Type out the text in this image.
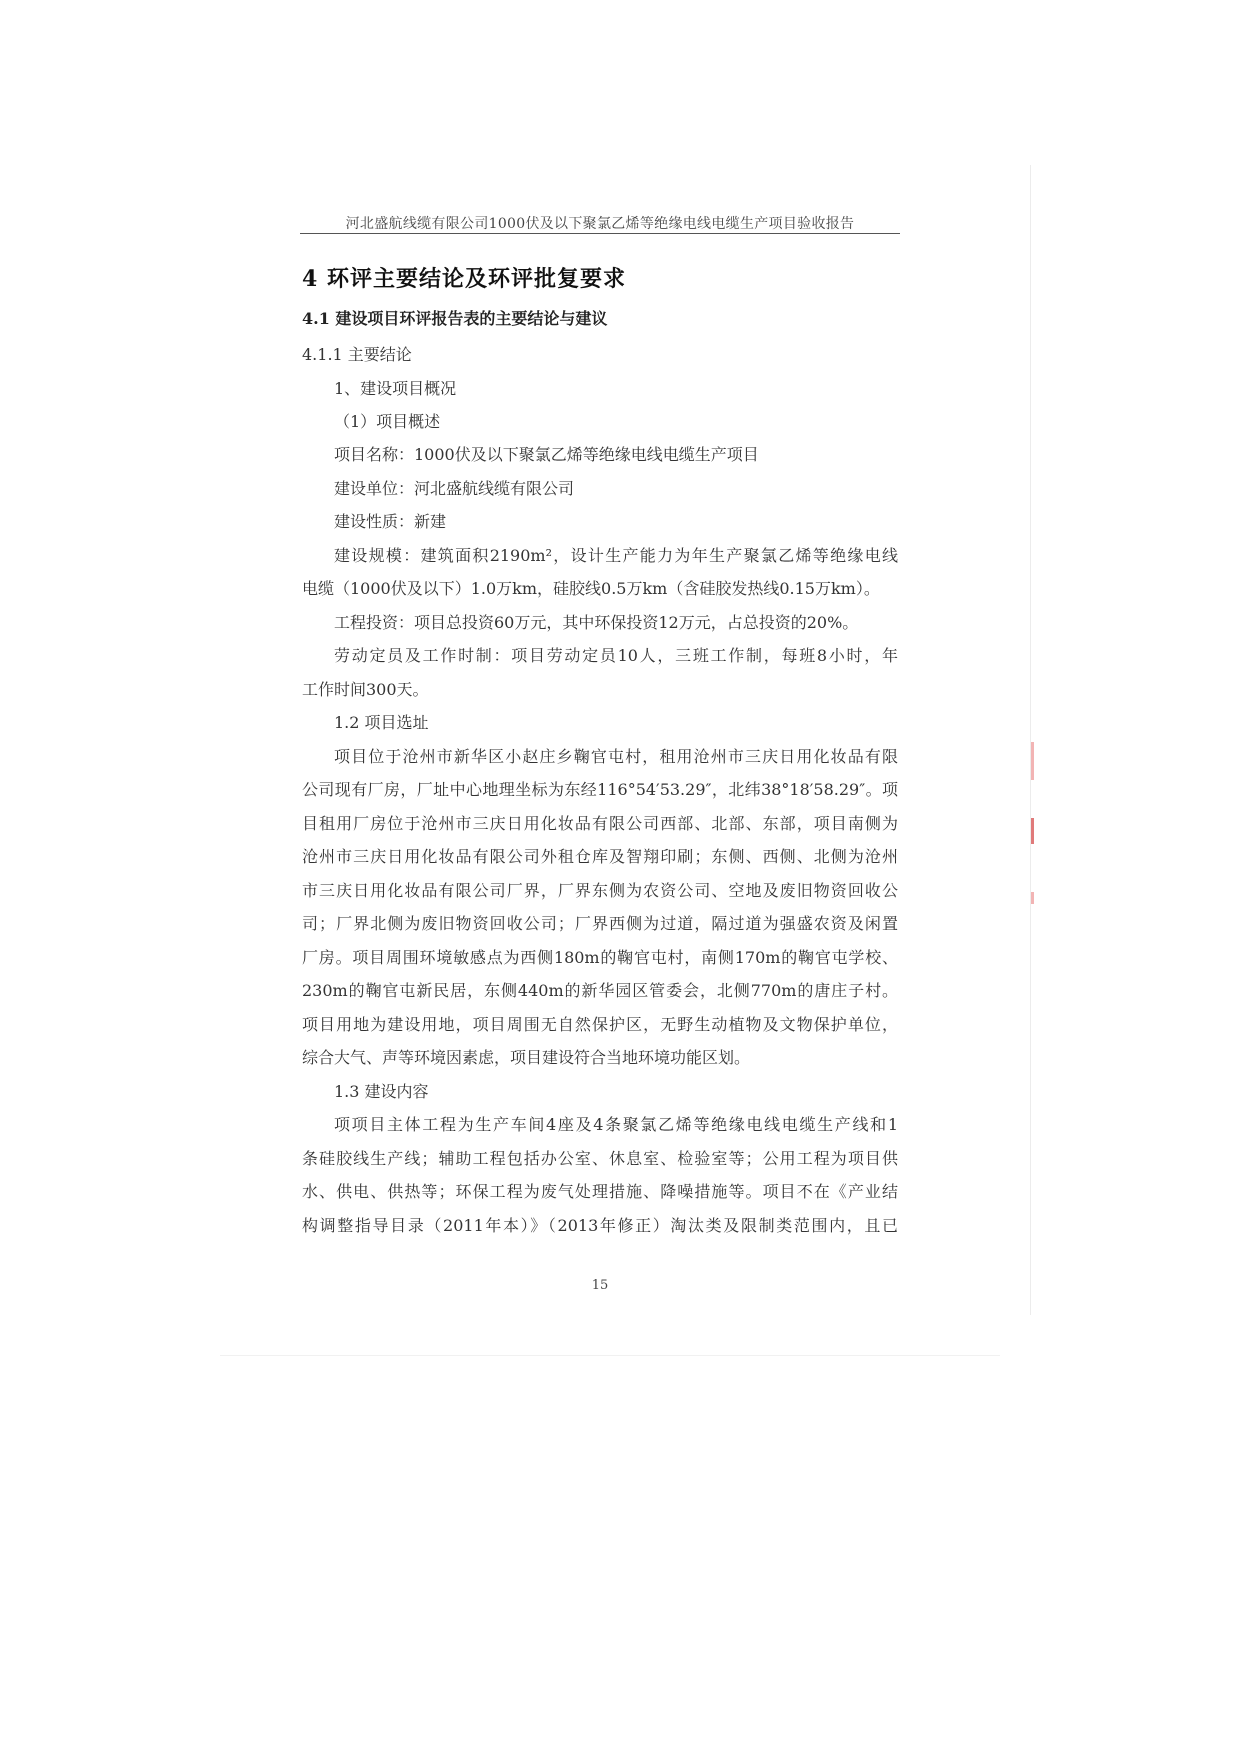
河北盛航线缆有限公司1000伏及以下聚氯乙烯等绝缘电线电缆生产项目验收报告
4 环评主要结论及环评批复要求
4.1 建设项目环评报告表的主要结论与建议
4.1.1 主要结论
1、建设项目概况
（1）项目概述
项目名称：1000伏及以下聚氯乙烯等绝缘电线电缆生产项目
建设单位：河北盛航线缆有限公司
建设性质：新建
建设规模：建筑面积2190m²，设计生产能力为年生产聚氯乙烯等绝缘电线
电缆（1000伏及以下）1.0万km，硅胶线0.5万km（含硅胶发热线0.15万km）。
工程投资：项目总投资60万元，其中环保投资12万元，占总投资的20%。
劳动定员及工作时制：项目劳动定员10人，三班工作制，每班8小时，年
工作时间300天。
1.2 项目选址
项目位于沧州市新华区小赵庄乡鞠官屯村，租用沧州市三庆日用化妆品有限
公司现有厂房，厂址中心地理坐标为东经116°54′53.29″，北纬38°18′58.29″。项
目租用厂房位于沧州市三庆日用化妆品有限公司西部、北部、东部，项目南侧为
沧州市三庆日用化妆品有限公司外租仓库及智翔印刷；东侧、西侧、北侧为沧州
市三庆日用化妆品有限公司厂界，厂界东侧为农资公司、空地及废旧物资回收公
司；厂界北侧为废旧物资回收公司；厂界西侧为过道，隔过道为强盛农资及闲置
厂房。项目周围环境敏感点为西侧180m的鞠官屯村，南侧170m的鞠官屯学校、
230m的鞠官屯新民居，东侧440m的新华园区管委会，北侧770m的唐庄子村。
项目用地为建设用地，项目周围无自然保护区，无野生动植物及文物保护单位，
综合大气、声等环境因素虑，项目建设符合当地环境功能区划。
1.3 建设内容
项项目主体工程为生产车间4座及4条聚氯乙烯等绝缘电线电缆生产线和1
条硅胶线生产线；辅助工程包括办公室、休息室、检验室等；公用工程为项目供
水、供电、供热等；环保工程为废气处理措施、降噪措施等。项目不在《产业结
构调整指导目录（2011年本）》（2013年修正）淘汰类及限制类范围内，且已
15
